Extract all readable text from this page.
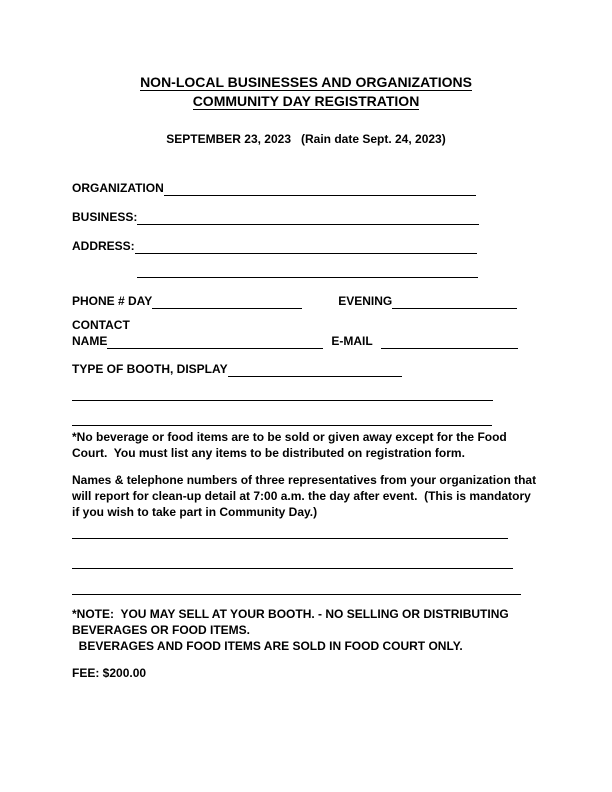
NON-LOCAL BUSINESSES AND ORGANIZATIONS
COMMUNITY DAY REGISTRATION
SEPTEMBER 23, 2023   (Rain date Sept. 24, 2023)
ORGANIZATION
BUSINESS:
ADDRESS:
PHONE # DAY	EVENING
CONTACT
NAME	E-MAIL
TYPE OF BOOTH, DISPLAY
*No beverage or food items are to be sold or given away except for the Food
Court.  You must list any items to be distributed on registration form.
Names & telephone numbers of three representatives from your organization that
will report for clean-up detail at 7:00 a.m. the day after event.  (This is mandatory
if you wish to take part in Community Day.)
*NOTE:  YOU MAY SELL AT YOUR BOOTH. - NO SELLING OR DISTRIBUTING
BEVERAGES OR FOOD ITEMS.
BEVERAGES AND FOOD ITEMS ARE SOLD IN FOOD COURT ONLY.
FEE: $200.00
